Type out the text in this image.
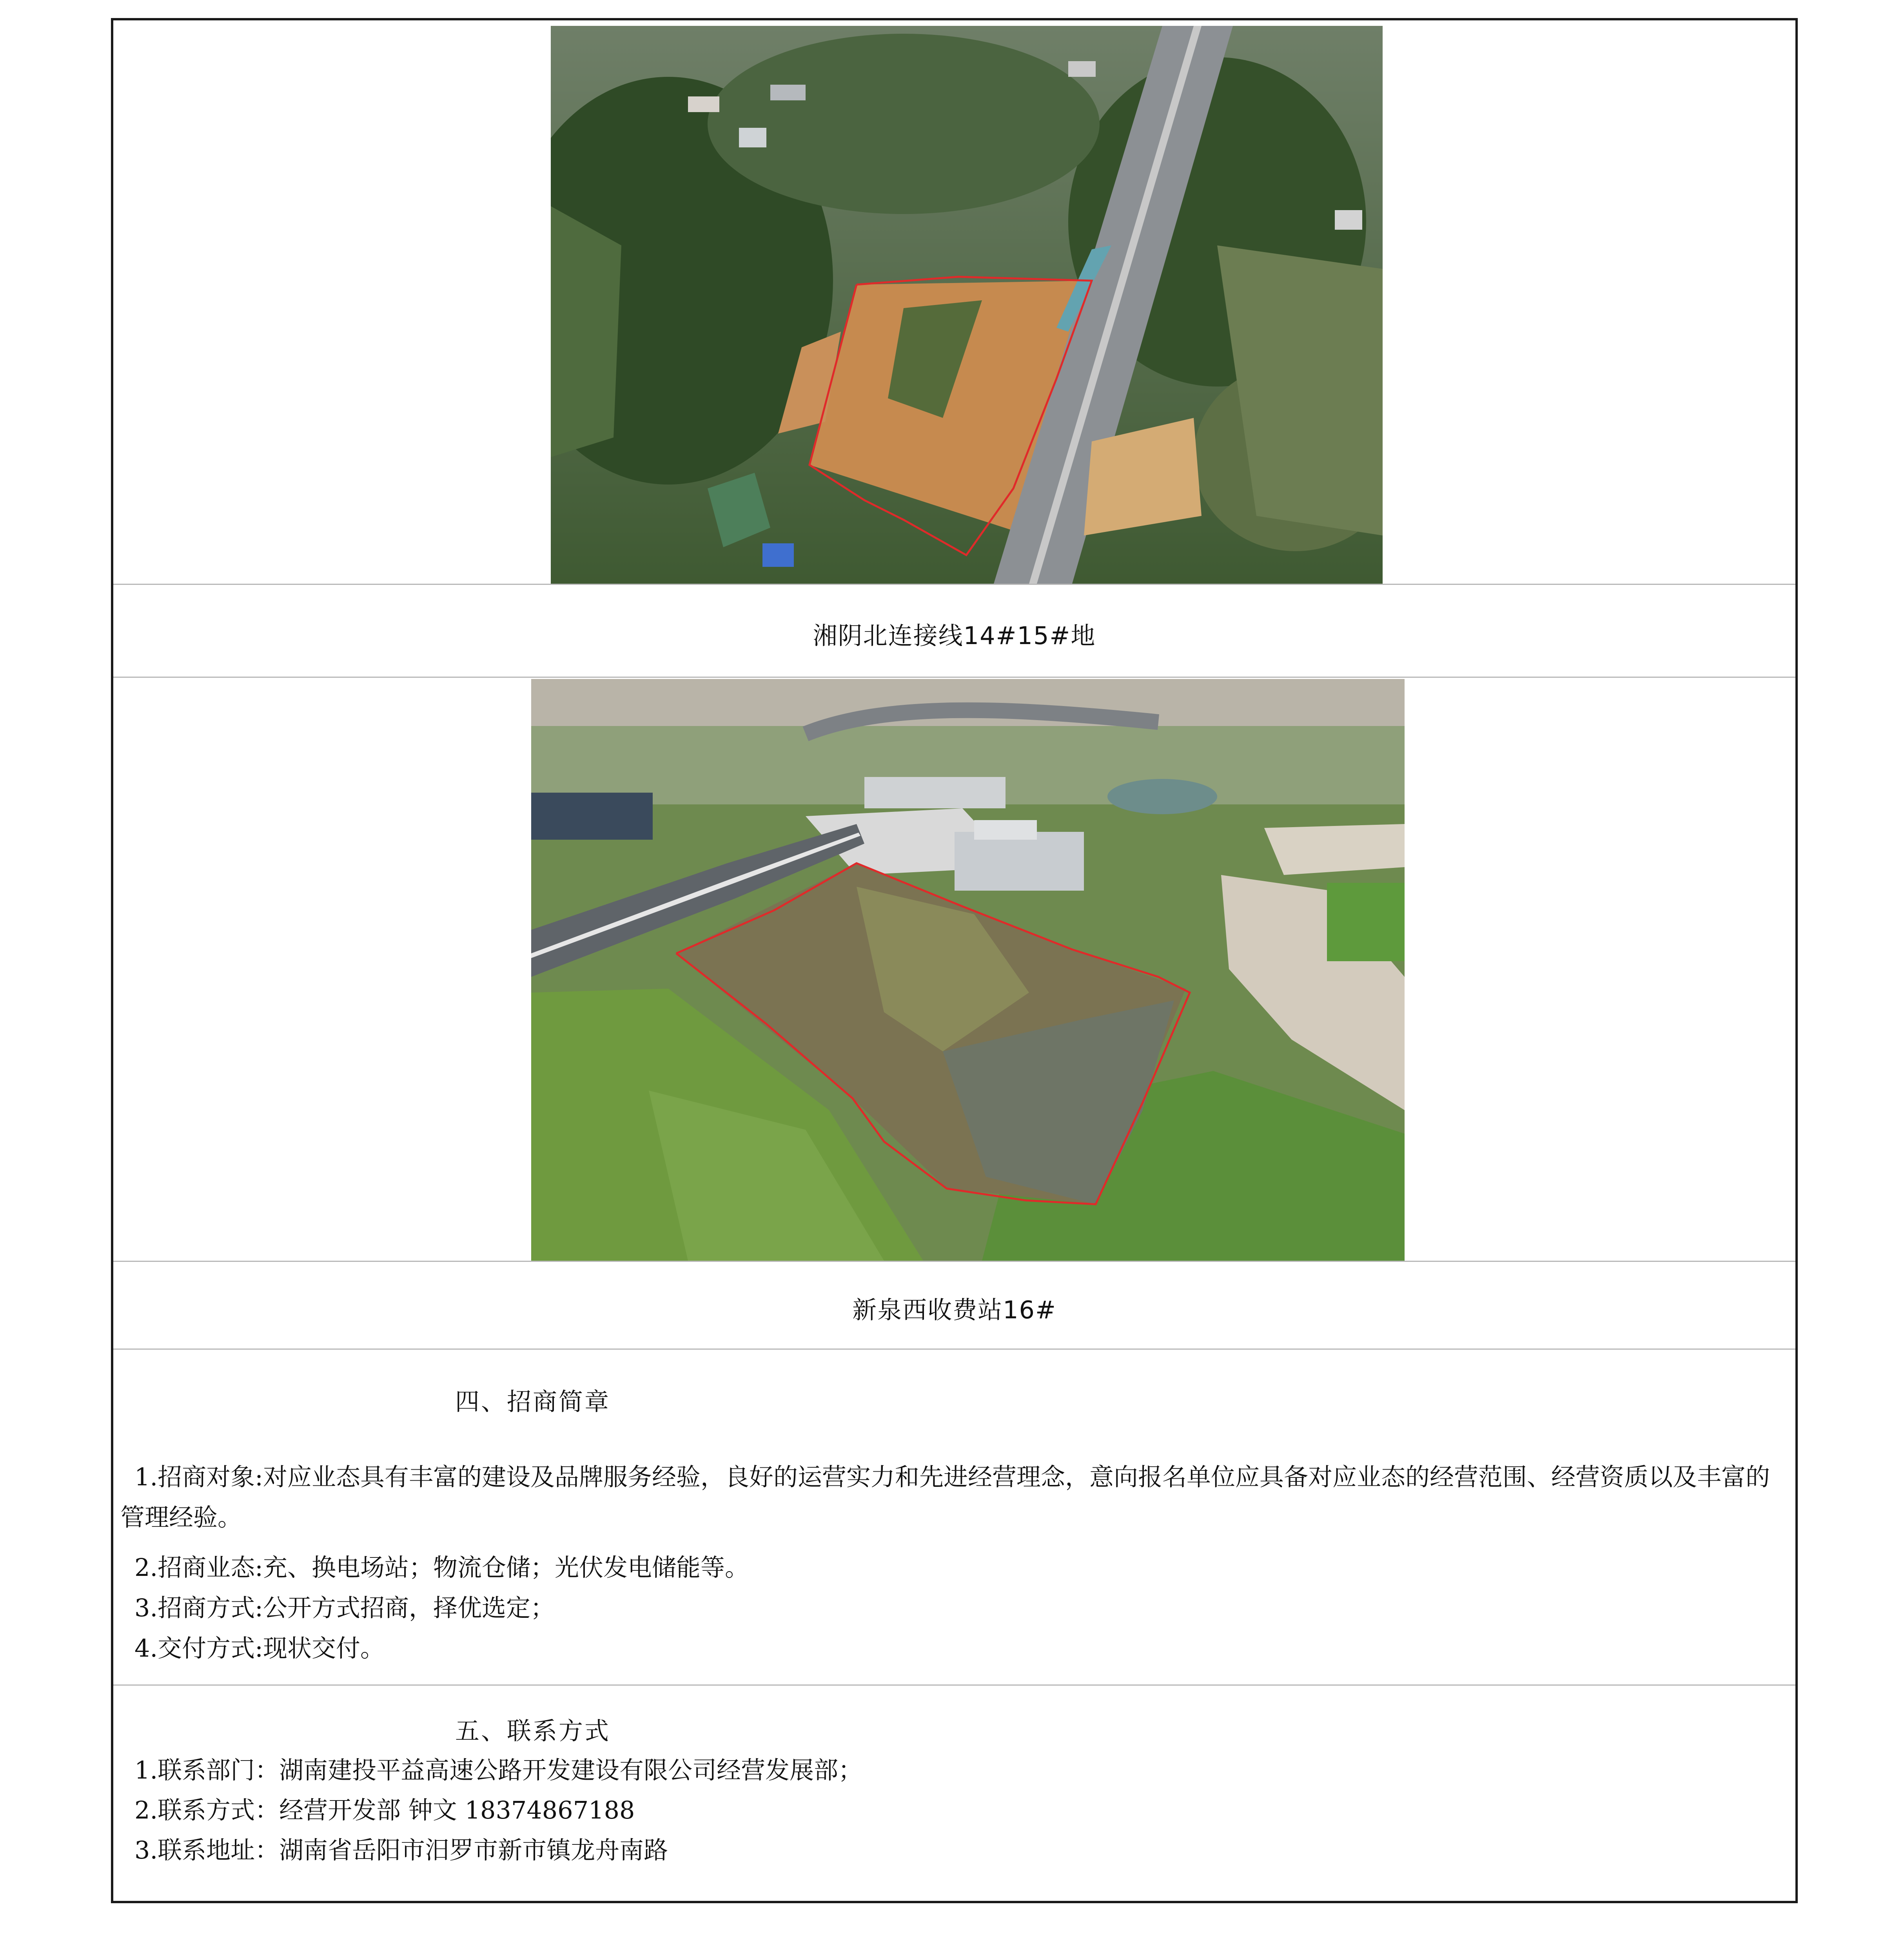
湘阴北连接线14#15#地
新泉西收费站16#
四、招商简章

1.招商对象:对应业态具有丰富的建设及品牌服务经验，良好的运营实力和先进经营理念，意向报名单位应具备对应业态的经营范围、经营资质以及丰富的管理经验。

2.招商业态:充、换电场站；物流仓储；光伏发电储能等。
3.招商方式:公开方式招商，择优选定；
4.交付方式:现状交付。
五、联系方式
1.联系部门：湖南建投平益高速公路开发建设有限公司经营发展部；
2.联系方式：经营开发部 钟文 18374867188
3.联系地址：湖南省岳阳市汨罗市新市镇龙舟南路
